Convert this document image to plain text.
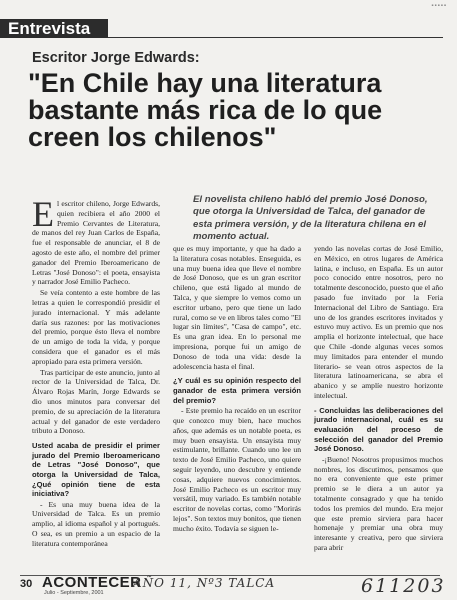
▪▪▪▪▪
Entrevista
Escritor Jorge Edwards:
"En Chile hay una literatura bastante más rica de lo que creen los chilenos"
El novelista chileno habló del premio José Donoso, que otorga la Universidad de Talca, del ganador de esta primera versión, y de la literatura chilena en el momento actual.

El escritor chileno, Jorge Edwards, quien recibiera el año 2000 el Premio Cervantes de Literatura, de manos del rey Juan Carlos de España, fue el responsable de anunciar, el 8 de agosto de este año, el nombre del primer ganador del Premio Iberoamericano de Letras "José Donoso": el poeta, ensayista y narrador José Emilio Pacheco.

Se veía contento a este hombre de las letras a quien le correspondió presidir el jurado internacional. Y más adelante daría sus razones: por las motivaciones del premio, porque ésto lleva el nombre de un amigo de toda la vida, y porque considera que el ganador es el más apropiado para esta primera versión.

Tras participar de este anuncio, junto al rector de la Universidad de Talca, Dr. Álvaro Rojas Marín, Jorge Edwards se dio unos minutos para conversar del premio, de su apreciación de la literatura actual y del ganador de este verdadero tributo a Donoso.

Usted acaba de presidir el primer jurado del Premio Iberoamericano de Letras "José Donoso", que otorga la Universidad de Talca, ¿Qué opinión tiene de esta iniciativa?

- Es una muy buena idea de la Universidad de Talca. Es un premio amplio, al idioma español y al portugués. O sea, es un premio a un espacio de la literatura contemporánea

que es muy importante, y que ha dado a la literatura cosas notables. Enseguida, es una muy buena idea que lleve el nombre de José Donoso, que es un gran escritor chileno, que está ligado al mundo de Talca, y que siempre lo vemos como un escritor urbano, pero que tiene un lado rural, como se ve en libros tales como "El lugar sin límites", "Casa de campo", etc. Es una gran idea. En lo personal me impresiona, porque fui un amigo de Donoso de toda una vida: desde la adolescencia hasta el final.

¿Y cuál es su opinión respecto del ganador de esta primera versión del premio?

- Este premio ha recaído en un escritor que conozco muy bien, hace muchos años, que además es un notable poeta, es muy buen ensayista. Un ensayista muy estimulante, brillante. Cuando uno lee un texto de José Emilio Pacheco, uno quiere seguir leyendo, uno descubre y entiende cosas, adquiere nuevos conocimientos. José Emilio Pacheco es un escritor muy versátil, muy variado. Es también notable escritor de novelas cortas, como "Morirás lejos". Son textos muy bonitos, que tienen mucho éxito. Todavía se siguen le-

yendo las novelas cortas de José Emilio, en México, en otros lugares de América latina, e incluso, en España. Es un autor poco conocido entre nosotros, pero no totalmente desconocido, puesto que el año pasado fue invitado por la Feria Internacional del Libro de Santiago. Era uno de los grandes escritores invitados y estuvo muy activo. Es un premio que nos amplía el horizonte intelectual, que hace que Chile -donde algunas veces somos muy limitados para entender el mundo literario- se vean otros aspectos de la literatura latinoamericana, se abra el abanico y se amplíe nuestro horizonte intelectual.

- Concluidas las deliberaciones del jurado internacional, cuál es su evaluación del proceso de selección del ganador del Premio José Donoso.

-¡Bueno! Nosotros propusimos muchos nombres, los discutimos, pensamos que no era conveniente que este primer premio se le diera a un autor ya totalmente consagrado y que ha tenido todos los premios del mundo. Era mejor que este premio sirviera para hacer homenaje y premiar una obra muy interesante y creativa, pero que sirviera para abrir

30 ACONTECER
Julio - Septiembre, 2001
AÑO 11, Nº3 TALCA	611203
